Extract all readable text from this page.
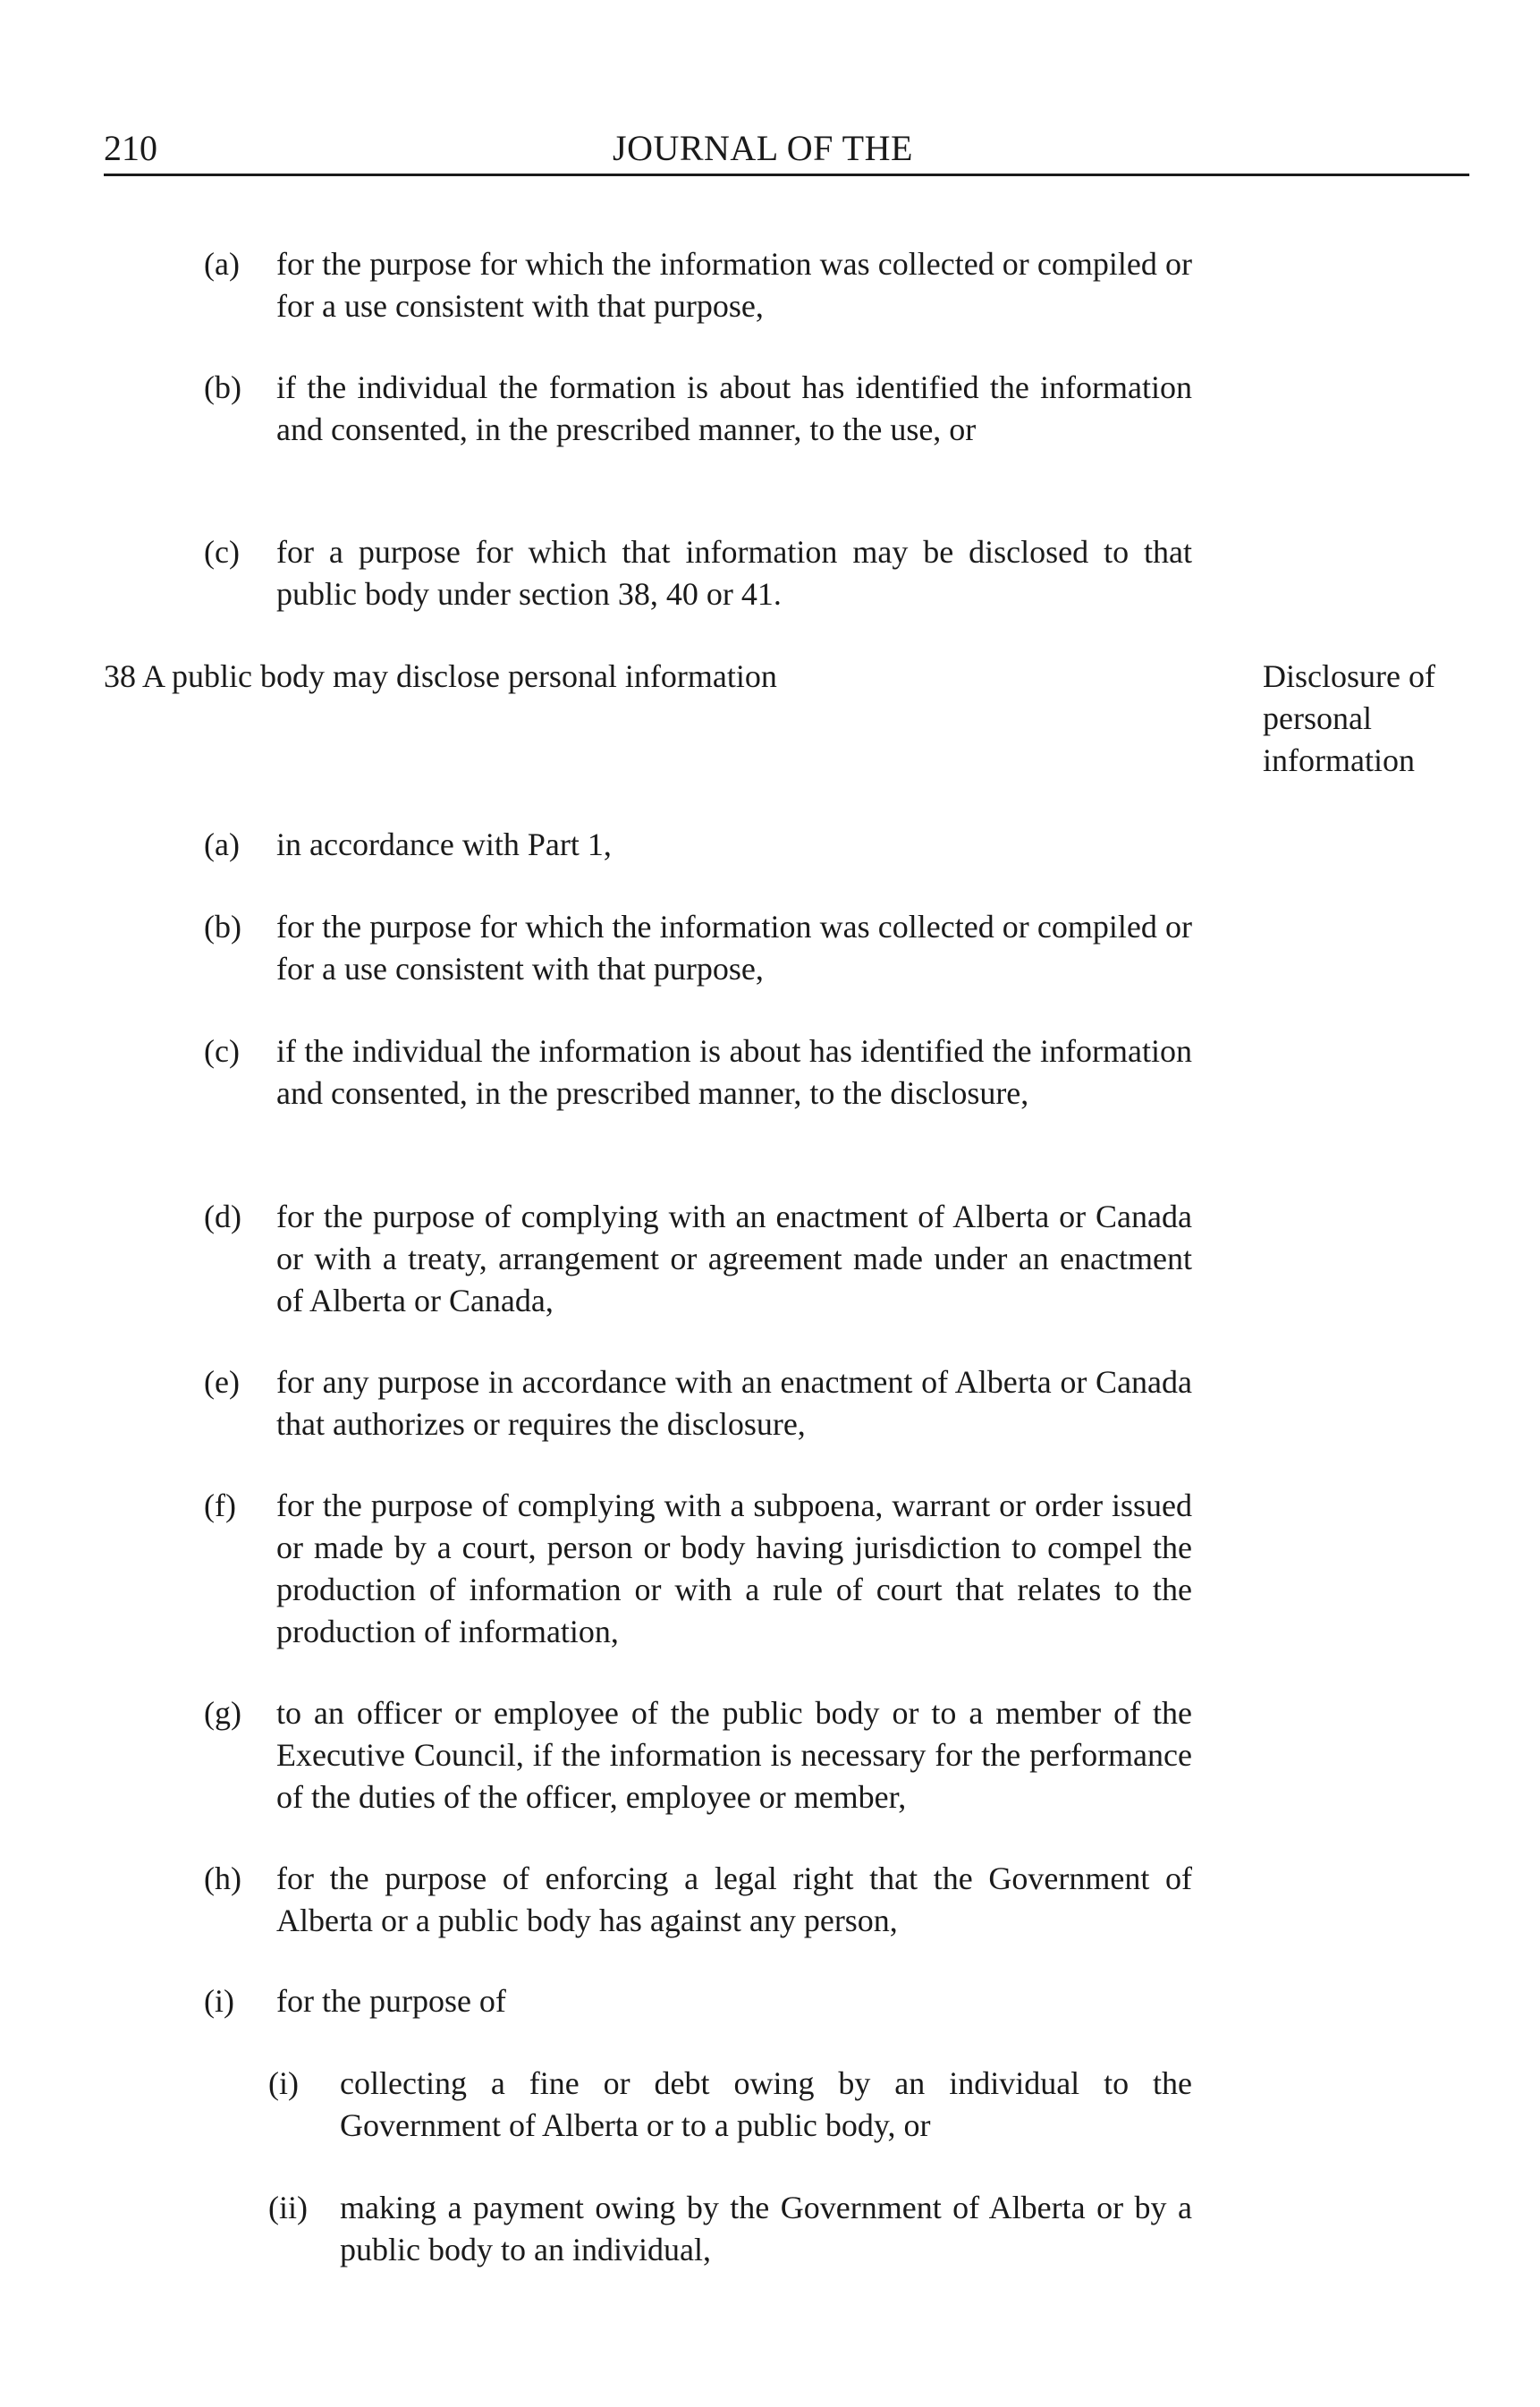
210	JOURNAL OF THE
(a) for the purpose for which the information was collected or compiled or for a use consistent with that purpose,
(b) if the individual the formation is about has identified the information and consented, in the prescribed manner, to the use, or
(c) for a purpose for which that information may be disclosed to that public body under section 38, 40 or 41.
38 A public body may disclose personal information	Disclosure of personal information
(a) in accordance with Part 1,
(b) for the purpose for which the information was collected or compiled or for a use consistent with that purpose,
(c) if the individual the information is about has identified the information and consented, in the prescribed manner, to the disclosure,
(d) for the purpose of complying with an enactment of Alberta or Canada or with a treaty, arrangement or agreement made under an enactment of Alberta or Canada,
(e) for any purpose in accordance with an enactment of Alberta or Canada that authorizes or requires the disclosure,
(f) for the purpose of complying with a subpoena, warrant or order issued or made by a court, person or body having jurisdiction to compel the production of information or with a rule of court that relates to the production of information,
(g) to an officer or employee of the public body or to a member of the Executive Council, if the information is necessary for the performance of the duties of the officer, employee or member,
(h) for the purpose of enforcing a legal right that the Government of Alberta or a public body has against any person,
(i) for the purpose of
(i) collecting a fine or debt owing by an individual to the Government of Alberta or to a public body, or
(ii) making a payment owing by the Government of Alberta or by a public body to an individual,
